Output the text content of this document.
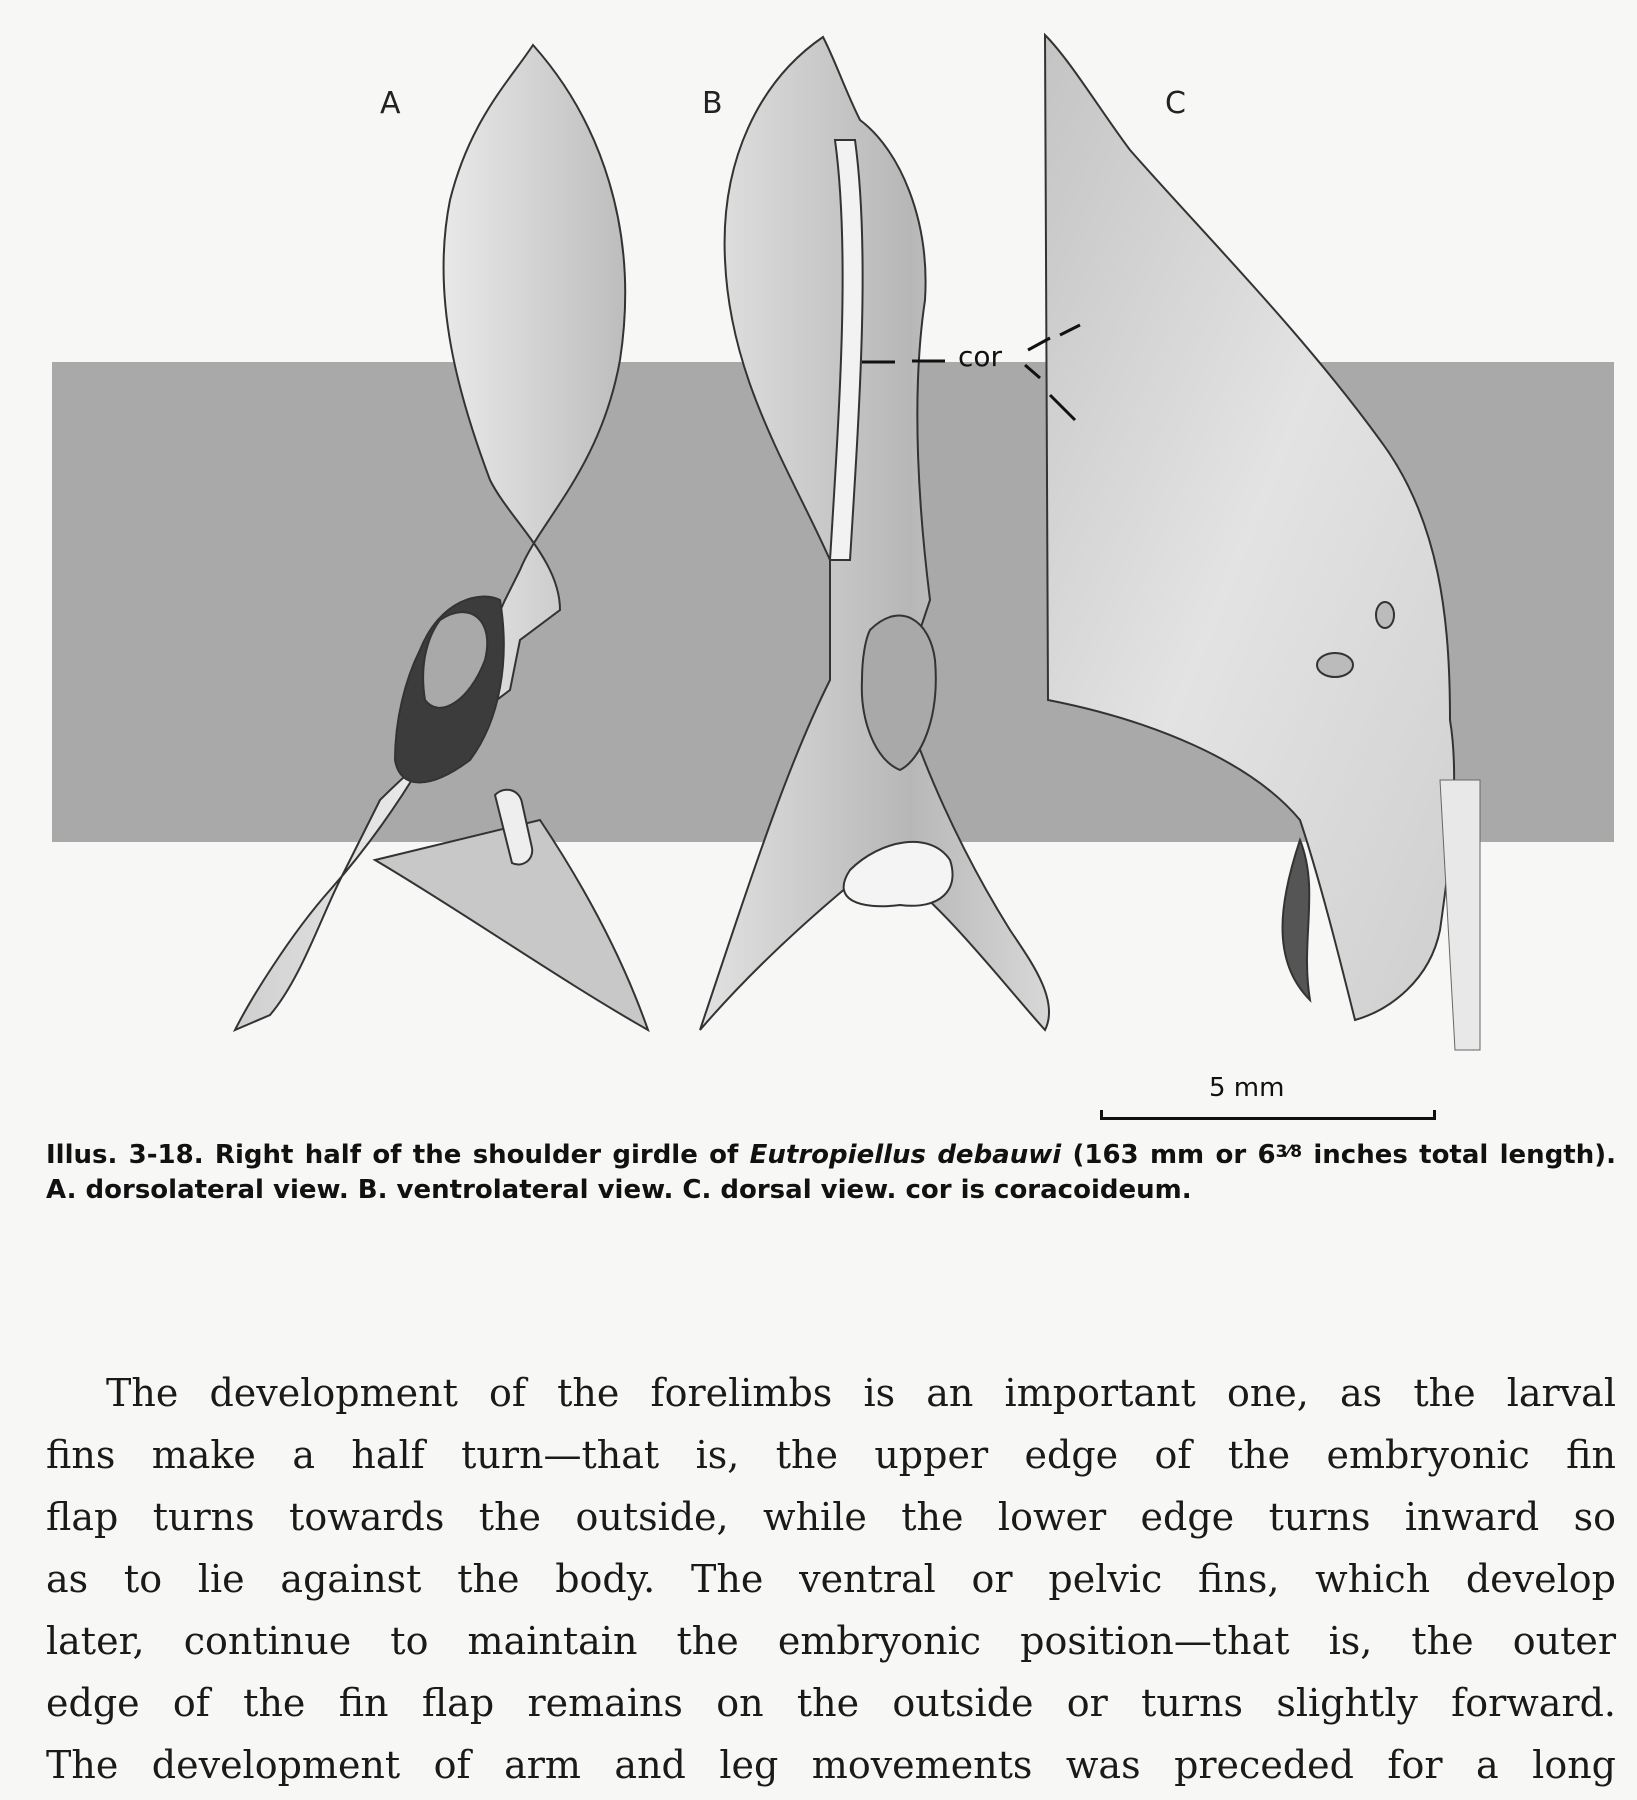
A	B	C
cor
5 mm
Illus. 3-18. Right half of the shoulder girdle of Eutropiellus debauwi (163 mm or $6^{3⁄8}$ inches total length). A. dorsolateral view. B. ventrolateral view. C. dorsal view. cor is coracoideum.
The development of the forelimbs is an important one, as the larval
fins make a half turn—that is, the upper edge of the embryonic fin
flap turns towards the outside, while the lower edge turns inward so
as to lie against the body. The ventral or pelvic fins, which develop
later, continue to maintain the embryonic position—that is, the outer
edge of the fin flap remains on the outside or turns slightly forward.
The development of arm and leg movements was preceded for a long
